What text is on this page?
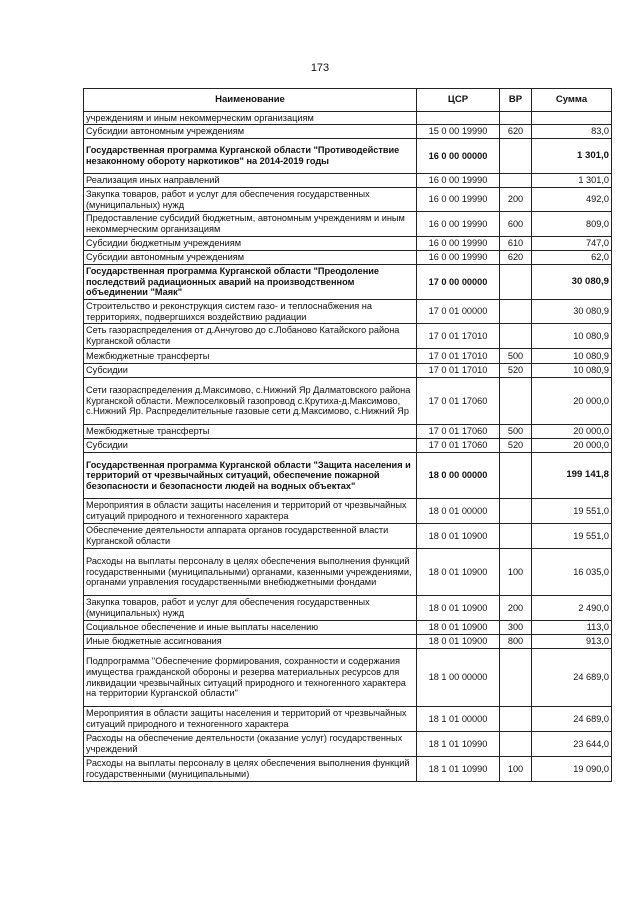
173
Наименование	ЦСР	ВР	Сумма
учреждениям и иным некоммерческим организациям			
Субсидии автономным учреждениям	15 0 00 19990	620	83,0
Государственная программа Курганской области "Противодействие незаконному обороту наркотиков" на 2014-2019 годы	16 0 00 00000		1 301,0
Реализация иных направлений	16 0 00 19990		1 301,0
Закупка товаров, работ и услуг для обеспечения государственных (муниципальных) нужд	16 0 00 19990	200	492,0
Предоставление субсидий бюджетным, автономным учреждениям и иным некоммерческим организациям	16 0 00 19990	600	809,0
Субсидии бюджетным учреждениям	16 0 00 19990	610	747,0
Субсидии автономным учреждениям	16 0 00 19990	620	62,0
Государственная программа Курганской области "Преодоление последствий радиационных аварий на производственном объединении "Маяк"	17 0 00 00000		30 080,9
Строительство и реконструкция систем газо- и теплоснабжения на территориях, подвергшихся воздействию радиации	17 0 01 00000		30 080,9
Сеть газораспределения от д.Анчугово до с.Лобаново Катайского района Курганской области	17 0 01 17010		10 080,9
Межбюджетные трансферты	17 0 01 17010	500	10 080,9
Субсидии	17 0 01 17010	520	10 080,9
Сети газораспределения д.Максимово, с.Нижний Яр Далматовского района Курганской области. Межпоселковый газопровод с.Крутиха-д.Максимово, с.Нижний Яр. Распределительные газовые сети д.Максимово, с.Нижний Яр	17 0 01 17060		20 000,0
Межбюджетные трансферты	17 0 01 17060	500	20 000,0
Субсидии	17 0 01 17060	520	20 000,0
Государственная программа Курганской области "Защита населения и территорий от чрезвычайных ситуаций, обеспечение пожарной безопасности и безопасности людей на водных объектах"	18 0 00 00000		199 141,8
Мероприятия в области защиты населения и территорий от чрезвычайных ситуаций природного и техногенного характера	18 0 01 00000		19 551,0
Обеспечение деятельности аппарата органов государственной власти Курганской области	18 0 01 10900		19 551,0
Расходы на выплаты персоналу в целях обеспечения выполнения функций государственными (муниципальными) органами, казенными учреждениями, органами управления государственными внебюджетными фондами	18 0 01 10900	100	16 035,0
Закупка товаров, работ и услуг для обеспечения государственных (муниципальных) нужд	18 0 01 10900	200	2 490,0
Социальное обеспечение и иные выплаты населению	18 0 01 10900	300	113,0
Иные бюджетные ассигнования	18 0 01 10900	800	913,0
Подпрограмма "Обеспечение формирования, сохранности и содержания имущества гражданской обороны и резерва материальных ресурсов для ликвидации чрезвычайных ситуаций природного и техногенного характера на территории Курганской области"	18 1 00 00000		24 689,0
Мероприятия в области защиты населения и территорий от чрезвычайных ситуаций природного и техногенного характера	18 1 01 00000		24 689,0
Расходы на обеспечение деятельности (оказание услуг) государственных учреждений	18 1 01 10990		23 644,0
Расходы на выплаты персоналу в целях обеспечения выполнения функций государственными (муниципальными)	18 1 01 10990	100	19 090,0
